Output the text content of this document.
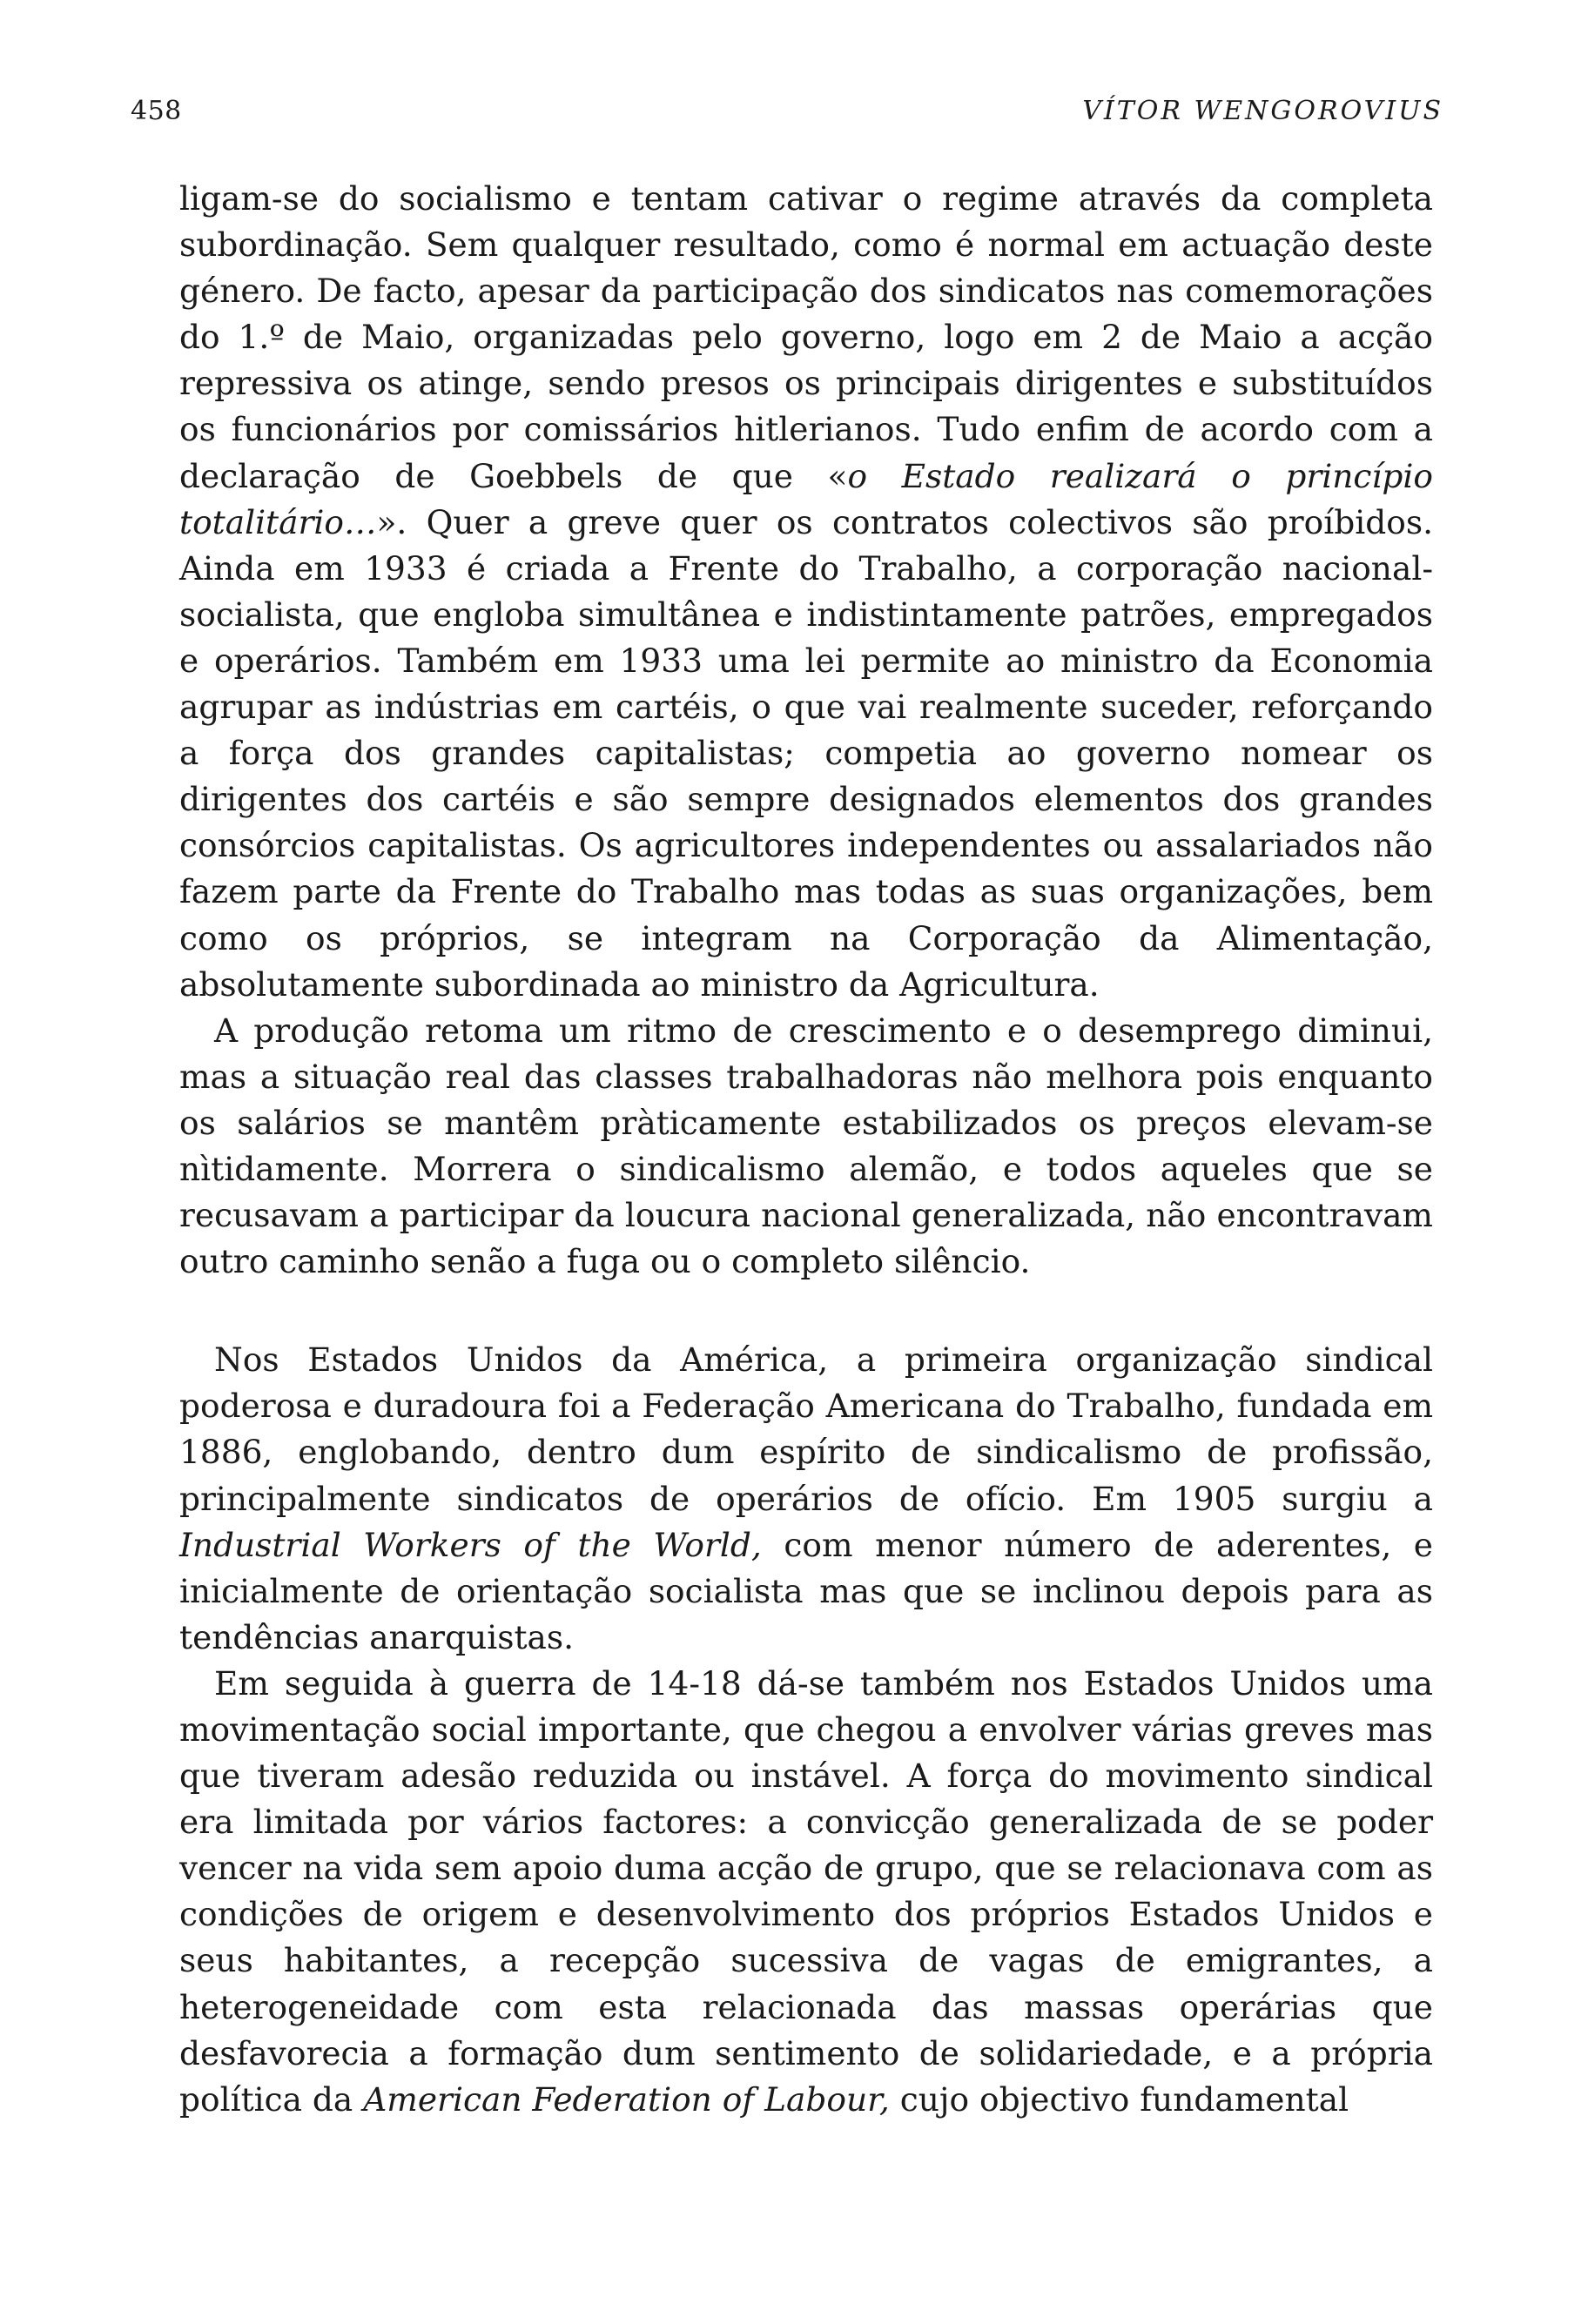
458	VÍTOR WENGOROVIUS

ligam-se do socialismo e tentam cativar o regime através da completa subordinação. Sem qualquer resultado, como é normal em actuação deste género. De facto, apesar da participação dos sindicatos nas comemorações do 1.º de Maio, organizadas pelo governo, logo em 2 de Maio a acção repressiva os atinge, sendo presos os principais dirigentes e substituídos os funcionários por comissários hitlerianos. Tudo enfim de acordo com a declaração de Goebbels de que «o Estado realizará o princípio totalitário…». Quer a greve quer os contratos colectivos são proíbidos. Ainda em 1933 é criada a Frente do Trabalho, a corporação nacional-socialista, que engloba simultânea e indistintamente patrões, empregados e operários. Também em 1933 uma lei permite ao ministro da Economia agrupar as indústrias em cartéis, o que vai realmente suceder, reforçando a força dos grandes capitalistas; competia ao governo nomear os dirigentes dos cartéis e são sempre designados elementos dos grandes consórcios capitalistas. Os agricultores independentes ou assalariados não fazem parte da Frente do Trabalho mas todas as suas organizações, bem como os próprios, se integram na Corporação da Alimentação, absolutamente subordinada ao ministro da Agricultura.

A produção retoma um ritmo de crescimento e o desemprego diminui, mas a situação real das classes trabalhadoras não melhora pois enquanto os salários se mantêm pràticamente estabilizados os preços elevam-se nìtidamente. Morrera o sindicalismo alemão, e todos aqueles que se recusavam a participar da loucura nacional generalizada, não encontravam outro caminho senão a fuga ou o completo silêncio.

Nos Estados Unidos da América, a primeira organização sindical poderosa e duradoura foi a Federação Americana do Trabalho, fundada em 1886, englobando, dentro dum espírito de sindicalismo de profissão, principalmente sindicatos de operários de ofício. Em 1905 surgiu a Industrial Workers of the World, com menor número de aderentes, e inicialmente de orientação socialista mas que se inclinou depois para as tendências anarquistas.

Em seguida à guerra de 14-18 dá-se também nos Estados Unidos uma movimentação social importante, que chegou a envolver várias greves mas que tiveram adesão reduzida ou instável. A força do movimento sindical era limitada por vários factores: a convicção generalizada de se poder vencer na vida sem apoio duma acção de grupo, que se relacionava com as condições de origem e desenvolvimento dos próprios Estados Unidos e seus habitantes, a recepção sucessiva de vagas de emigrantes, a heterogeneidade com esta relacionada das massas operárias que desfavorecia a formação dum sentimento de solidariedade, e a própria política da American Federation of Labour, cujo objectivo fundamental
